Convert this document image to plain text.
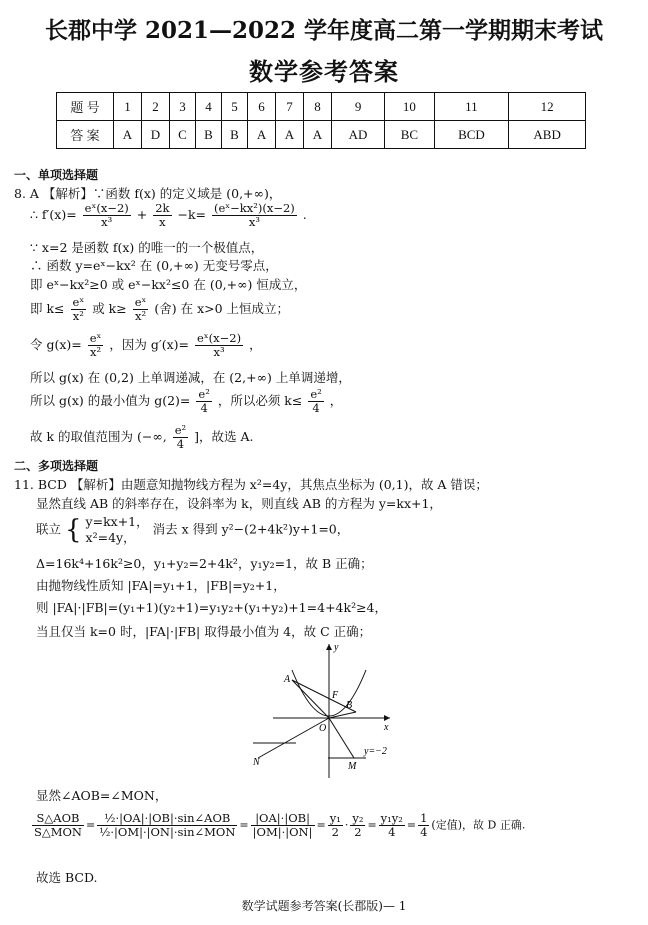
长郡中学 2021—2022 学年度高二第一学期期末考试
数学参考答案
题 号	1	2	3	4	5	6	7	8	9	10	11	12
答 案	A	D	C	B	B	A	A	A	AD	BC	BCD	ABD
一、单项选择题
8. A 【解析】∵函数 f(x) 的定义域是 (0,+∞)，
∴ $f'(x)= \frac{\text{eˣ(x−2)}}{\text{x³}} + \frac{2k}{x} -k= \frac{\text{(eˣ−kx²)(x−2)}}{\text{x³}}$ .
∵ x=2 是函数 f(x) 的唯一的一个极值点，
∴ 函数 y=eˣ−kx² 在 (0,+∞) 无变号零点，
即 eˣ−kx²≥0 或 eˣ−kx²≤0 在 (0,+∞) 恒成立，
即 $k\le \frac{\text{eˣ}}{\text{x²}}$ 或 $k\ge \frac{\text{eˣ}}{\text{x²}}$ (舍) 在 x>0 上恒成立；
令 $g(x)= \frac{\text{eˣ}}{\text{x²}}$ ，因为 $g'(x)= \frac{\text{eˣ(x−2)}}{\text{x³}}$ ，
所以 g(x) 在 (0,2) 上单调递减，在 (2,+∞) 上单调递增，
所以 g(x) 的最小值为 $g(2)= \frac{\text{e²}}{4}$ ，所以必须 $k\le \frac{\text{e²}}{4}$ ，
故 k 的取值范围为 (−∞, $\frac{\text{e²}}{4}$ ]，故选 A.
二、多项选择题
11. BCD 【解析】由题意知抛物线方程为 x²=4y，其焦点坐标为 (0,1)，故 A 错误；
显然直线 AB 的斜率存在，设斜率为 k，则直线 AB 的方程为 y=kx+1，
联立 { y=kx+1，
x²=4y，
消去 x 得到 y²−(2+4k²)y+1=0，
Δ=16k⁴+16k²≥0，y₁+y₂=2+4k²，y₁y₂=1，故 B 正确；
由抛物线性质知 |FA|=y₁+1，|FB|=y₂+1，
则 |FA|·|FB|=(y₁+1)(y₂+1)=y₁y₂+(y₁+y₂)+1=4+4k²≥4，
当且仅当 k=0 时，|FA|·|FB| 取得最小值为 4，故 C 正确；
y
x
O
A
F
B
N	M
y=−2
显然∠AOB=∠MON，
$\frac{\text{S△AOB}}{\text{S△MON}} = \frac{\text{½·|OA|·|OB|·sin∠AOB}}{\text{½·|OM|·|ON|·sin∠MON}} = \frac{|OA|\cdot|OB|}{|OM|\cdot|ON|} = \frac{\text{y₁}}{2} \cdot \frac{\text{y₂}}{2} = \frac{\text{y₁y₂}}{4} = \frac{1}{4}$ (定值)，故 D 正确.
故选 BCD.
数学试题参考答案(长郡版)— 1
